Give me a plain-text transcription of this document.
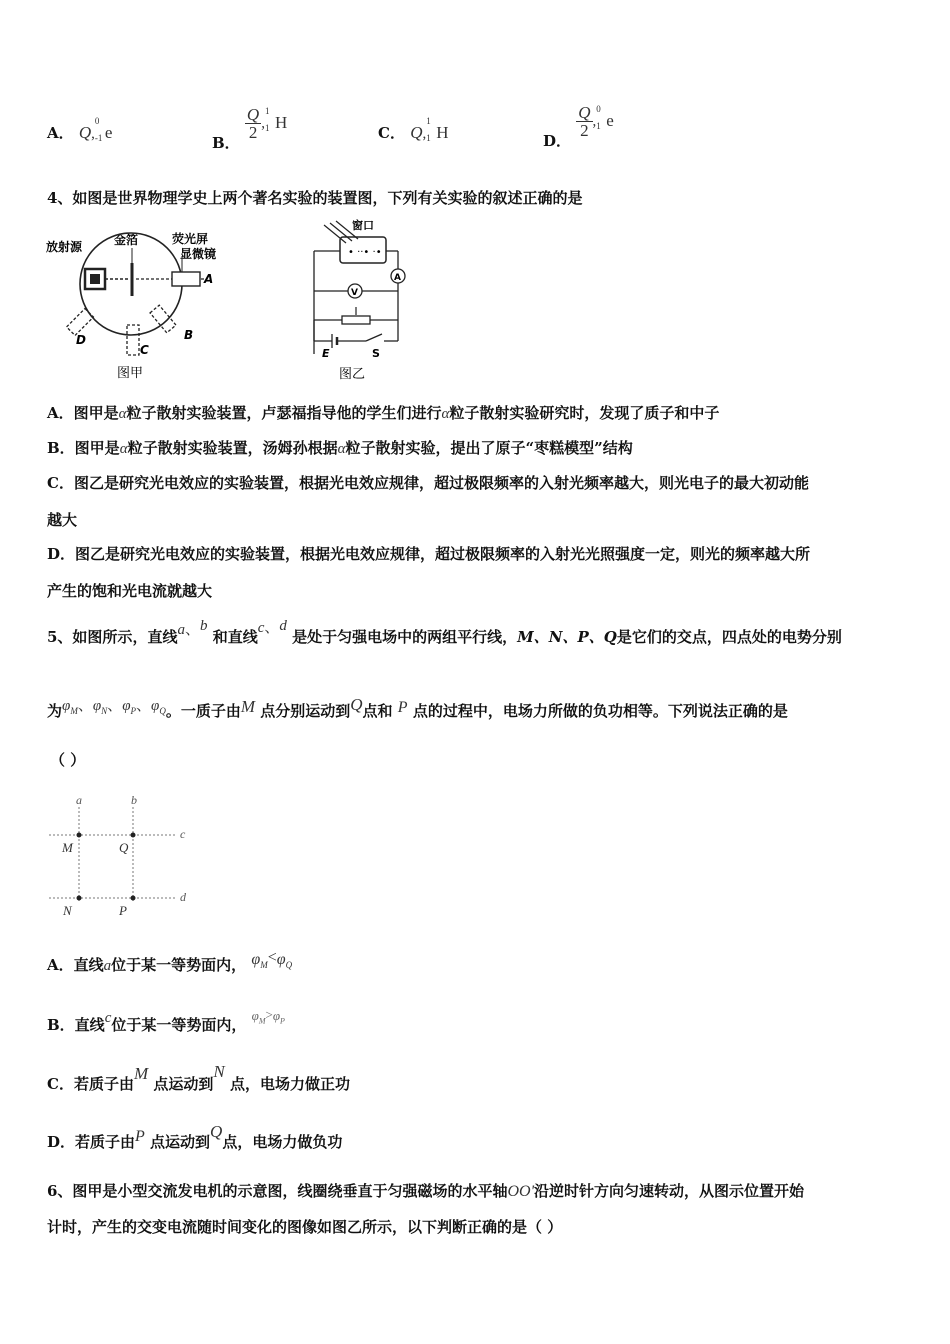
A． Q,
0
-1 e
B．
$\frac{Q}{2}$ ,
1
1 H
C． Q,
1
1 H	D．
$\frac{Q}{2}$ ,
0
1 e
4、如图是世界物理学史上两个著名实验的装置图，下列有关实验的叙述正确的是
放射源	金箔	荧光屏
显微镜
A
B
C
D
图甲
窗口
• ··• ·•
A
V
E	S
图乙
A．图甲是α粒子散射实验装置，卢瑟福指导他的学生们进行α粒子散射实验研究时，发现了质子和中子
B．图甲是α粒子散射实验装置，汤姆孙根据α粒子散射实验，提出了原子“枣糕模型”结构
C．图乙是研究光电效应的实验装置，根据光电效应规律，超过极限频率的入射光频率越大，则光电子的最大初动能
越大
D．图乙是研究光电效应的实验装置，根据光电效应规律，超过极限频率的入射光光照强度一定，则光的频率越大所
产生的饱和光电流就越大
5、如图所示，直线a、b 和直线c、d 是处于匀强电场中的两组平行线，M、N、P、Q是它们的交点，四点处的电势分别
为$\varphi_M$、$\varphi_N$、$\varphi_P$、$\varphi_Q$。一质子由M 点分别运动到Q点和 P 点的过程中，电场力所做的负功相等。下列说法正确的是
（ ）
a	b
c
d
M	Q
N	P
A．直线a位于某一等势面内， $\varphi_M<\varphi_Q$
B．直线c位于某一等势面内， $\varphi_M>\varphi_P$
C．若质子由M 点运动到N 点，电场力做正功
D．若质子由P 点运动到Q点，电场力做负功
6、图甲是小型交流发电机的示意图，线圈绕垂直于匀强磁场的水平轴OO'沿逆时针方向匀速转动，从图示位置开始
计时，产生的交变电流随时间变化的图像如图乙所示，以下判断正确的是（ ）
